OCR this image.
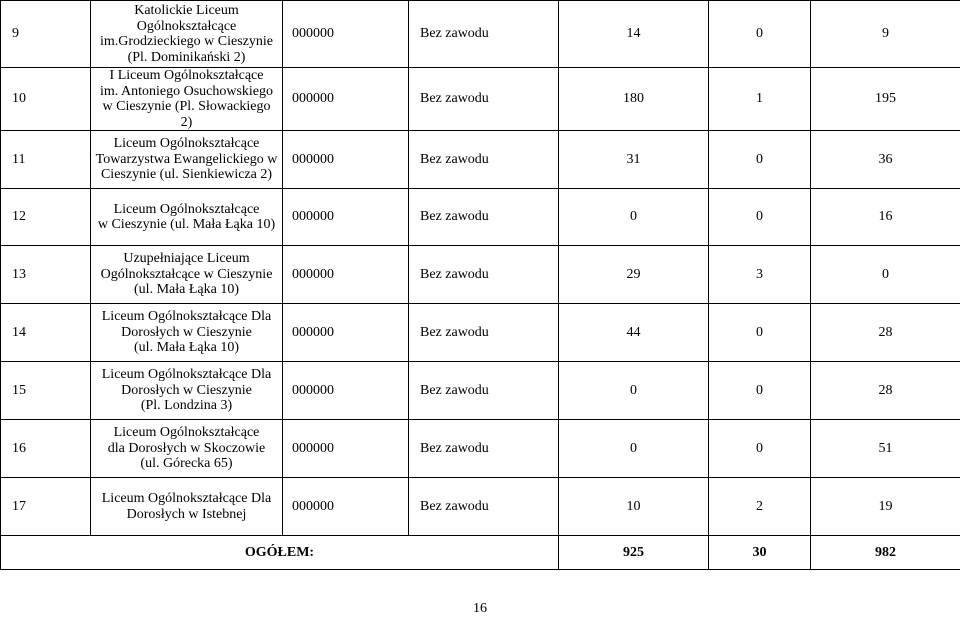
9	Katolickie Liceum
Ogólnokształcące
im.Grodzieckiego w Cieszynie
(Pl. Dominikański 2)	000000	Bez zawodu	14	0	9
10	I Liceum Ogólnokształcące
im. Antoniego Osuchowskiego
w Cieszynie (Pl. Słowackiego 2)	000000	Bez zawodu	180	1	195
11	Liceum Ogólnokształcące
Towarzystwa Ewangelickiego w
Cieszynie (ul. Sienkiewicza 2)	000000	Bez zawodu	31	0	36
12	Liceum Ogólnokształcące
w Cieszynie (ul. Mała Łąka 10)	000000	Bez zawodu	0	0	16
13	Uzupełniające Liceum
Ogólnokształcące w Cieszynie
(ul. Mała Łąka 10)	000000	Bez zawodu	29	3	0
14	Liceum Ogólnokształcące Dla
Dorosłych w Cieszynie
(ul. Mała Łąka 10)	000000	Bez zawodu	44	0	28
15	Liceum Ogólnokształcące Dla
Dorosłych w Cieszynie
(Pl. Londzina 3)	000000	Bez zawodu	0	0	28
16	Liceum Ogólnokształcące
dla Dorosłych w Skoczowie
(ul. Górecka 65)	000000	Bez zawodu	0	0	51
17	Liceum Ogólnokształcące Dla
Dorosłych w Istebnej	000000	Bez zawodu	10	2	19
OGÓŁEM:				925	30	982
16
